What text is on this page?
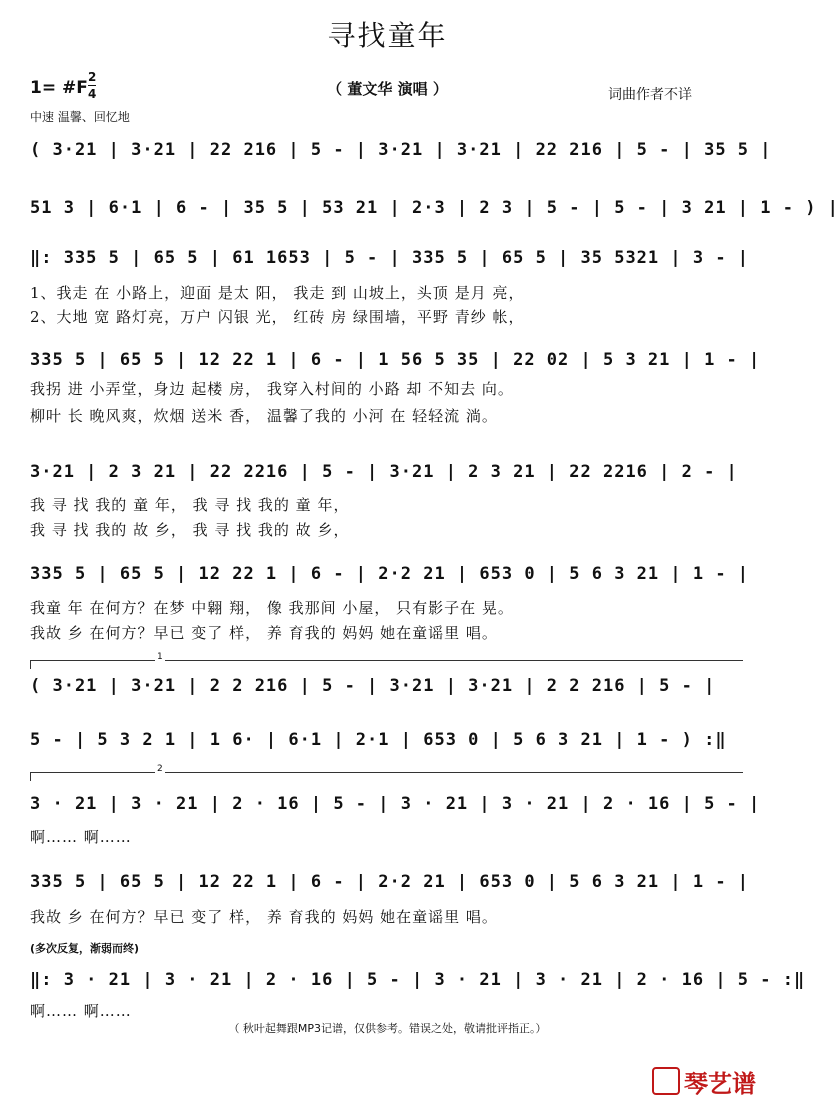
寻找童年
（ 董文华 演唱 ）
1= #F
2
4	词曲作者不详
中速 温馨、回忆地
( 3·21 | 3·21 | 22 216 | 5 - | 3·21 | 3·21 | 22 216 | 5 - | 35 5 |
51 3 | 6·1 | 6 - | 35 5 | 53 21 | 2·3 | 2 3 | 5 - | 5 - | 3 21 | 1 - ) |
‖: 335 5 | 65 5 | 61 1653 | 5 - | 335 5 | 65 5 | 35 5321 | 3 - |
1、我走 在 小路上，迎面 是太 阳， 我走 到 山坡上，头顶 是月 亮，
2、大地 宽 路灯亮，万户 闪银 光， 红砖 房 绿围墙，平野 青纱 帐，
335 5 | 65 5 | 12 22 1 | 6 - | 1 56 5 35 | 22 02 | 5 3 21 | 1 - |
我拐 进 小弄堂，身边 起楼 房， 我穿入村间的 小路 却 不知去 向。
柳叶 长 晚风爽，炊烟 送米 香， 温馨了我的 小河 在 轻轻流 淌。
3·21 | 2 3 21 | 22 2216 | 5 - | 3·21 | 2 3 21 | 22 2216 | 2 - |
我 寻 找 我的 童 年， 我 寻 找 我的 童 年，
我 寻 找 我的 故 乡， 我 寻 找 我的 故 乡，
335 5 | 65 5 | 12 22 1 | 6 - | 2·2 21 | 653 0 | 5 6 3 21 | 1 - |
我童 年 在何方？在梦 中翱 翔， 像 我那间 小屋， 只有影子在 晃。
我故 乡 在何方？早已 变了 样， 养 育我的 妈妈 她在童谣里 唱。
1
( 3·21 | 3·21 | 2 2 216 | 5 - | 3·21 | 3·21 | 2 2 216 | 5 - |
5 - | 5 3 2 1 | 1 6· | 6·1 | 2·1 | 653 0 | 5 6 3 21 | 1 - ) :‖
2
3 · 21 | 3 · 21 | 2 · 16 | 5 - | 3 · 21 | 3 · 21 | 2 · 16 | 5 - |
啊…… 啊……
335 5 | 65 5 | 12 22 1 | 6 - | 2·2 21 | 653 0 | 5 6 3 21 | 1 - |
我故 乡 在何方？早已 变了 样， 养 育我的 妈妈 她在童谣里 唱。
(多次反复，渐弱而终)
‖: 3 · 21 | 3 · 21 | 2 · 16 | 5 - | 3 · 21 | 3 · 21 | 2 · 16 | 5 - :‖
啊…… 啊……
（ 秋叶起舞跟MP3记谱，仅供参考。错误之处，敬请批评指正。）
琴艺谱
